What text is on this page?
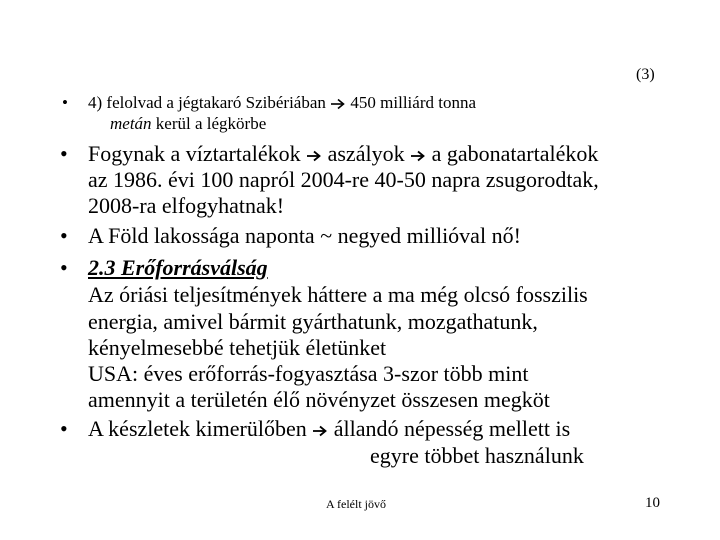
(3)
• 4) felolvad a jégtakaró Szibériában 450 milliárd tonna
metán kerül a légkörbe
• Fogynak a víztartalékok aszályok a gabonatartalékok
az 1986. évi 100 napról 2004-re 40-50 napra zsugorodtak,
2008-ra elfogyhatnak!
• A Föld lakossága naponta ~ negyed millióval nő!
• 2.3 Erőforrásválság
Az óriási teljesítmények háttere a ma még olcsó fosszilis
energia, amivel bármit gyárthatunk, mozgathatunk,
kényelmesebbé tehetjük életünket
USA: éves erőforrás-fogyasztása 3-szor több mint
amennyit a területén élő növényzet összesen megköt
• A készletek kimerülőben állandó népesség mellett is
egyre többet használunk
A felélt jövő	10
